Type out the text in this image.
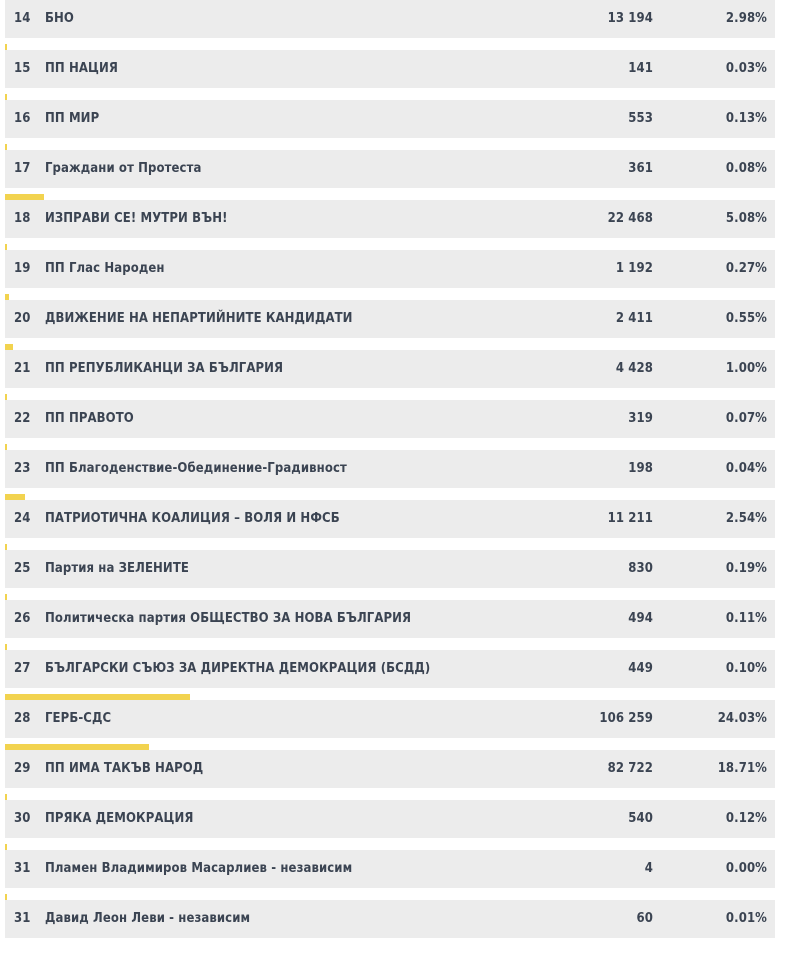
14 БНО	13 194	2.98%
15 ПП НАЦИЯ	141	0.03%
16 ПП МИР	553	0.13%
17 Граждани от Протеста	361	0.08%
18 ИЗПРАВИ СЕ! МУТРИ ВЪН!	22 468	5.08%
19 ПП Глас Народен	1 192	0.27%
20 ДВИЖЕНИЕ НА НЕПАРТИЙНИТЕ КАНДИДАТИ	2 411	0.55%
21 ПП РЕПУБЛИКАНЦИ ЗА БЪЛГАРИЯ	4 428	1.00%
22 ПП ПРАВОТО	319	0.07%
23 ПП Благоденствие-Обединение-Градивност	198	0.04%
24 ПАТРИОТИЧНА КОАЛИЦИЯ – ВОЛЯ И НФСБ	11 211	2.54%
25 Партия на ЗЕЛЕНИТЕ	830	0.19%
26 Политическа партия ОБЩЕСТВО ЗА НОВА БЪЛГАРИЯ	494	0.11%
27 БЪЛГАРСКИ СЪЮЗ ЗА ДИРЕКТНА ДЕМОКРАЦИЯ (БСДД)	449	0.10%
28 ГЕРБ-СДС	106 259	24.03%
29 ПП ИМА ТАКЪВ НАРОД	82 722	18.71%
30 ПРЯКА ДЕМОКРАЦИЯ	540	0.12%
31 Пламен Владимиров Масарлиев - независим	4	0.00%
31 Давид Леон Леви - независим	60	0.01%
